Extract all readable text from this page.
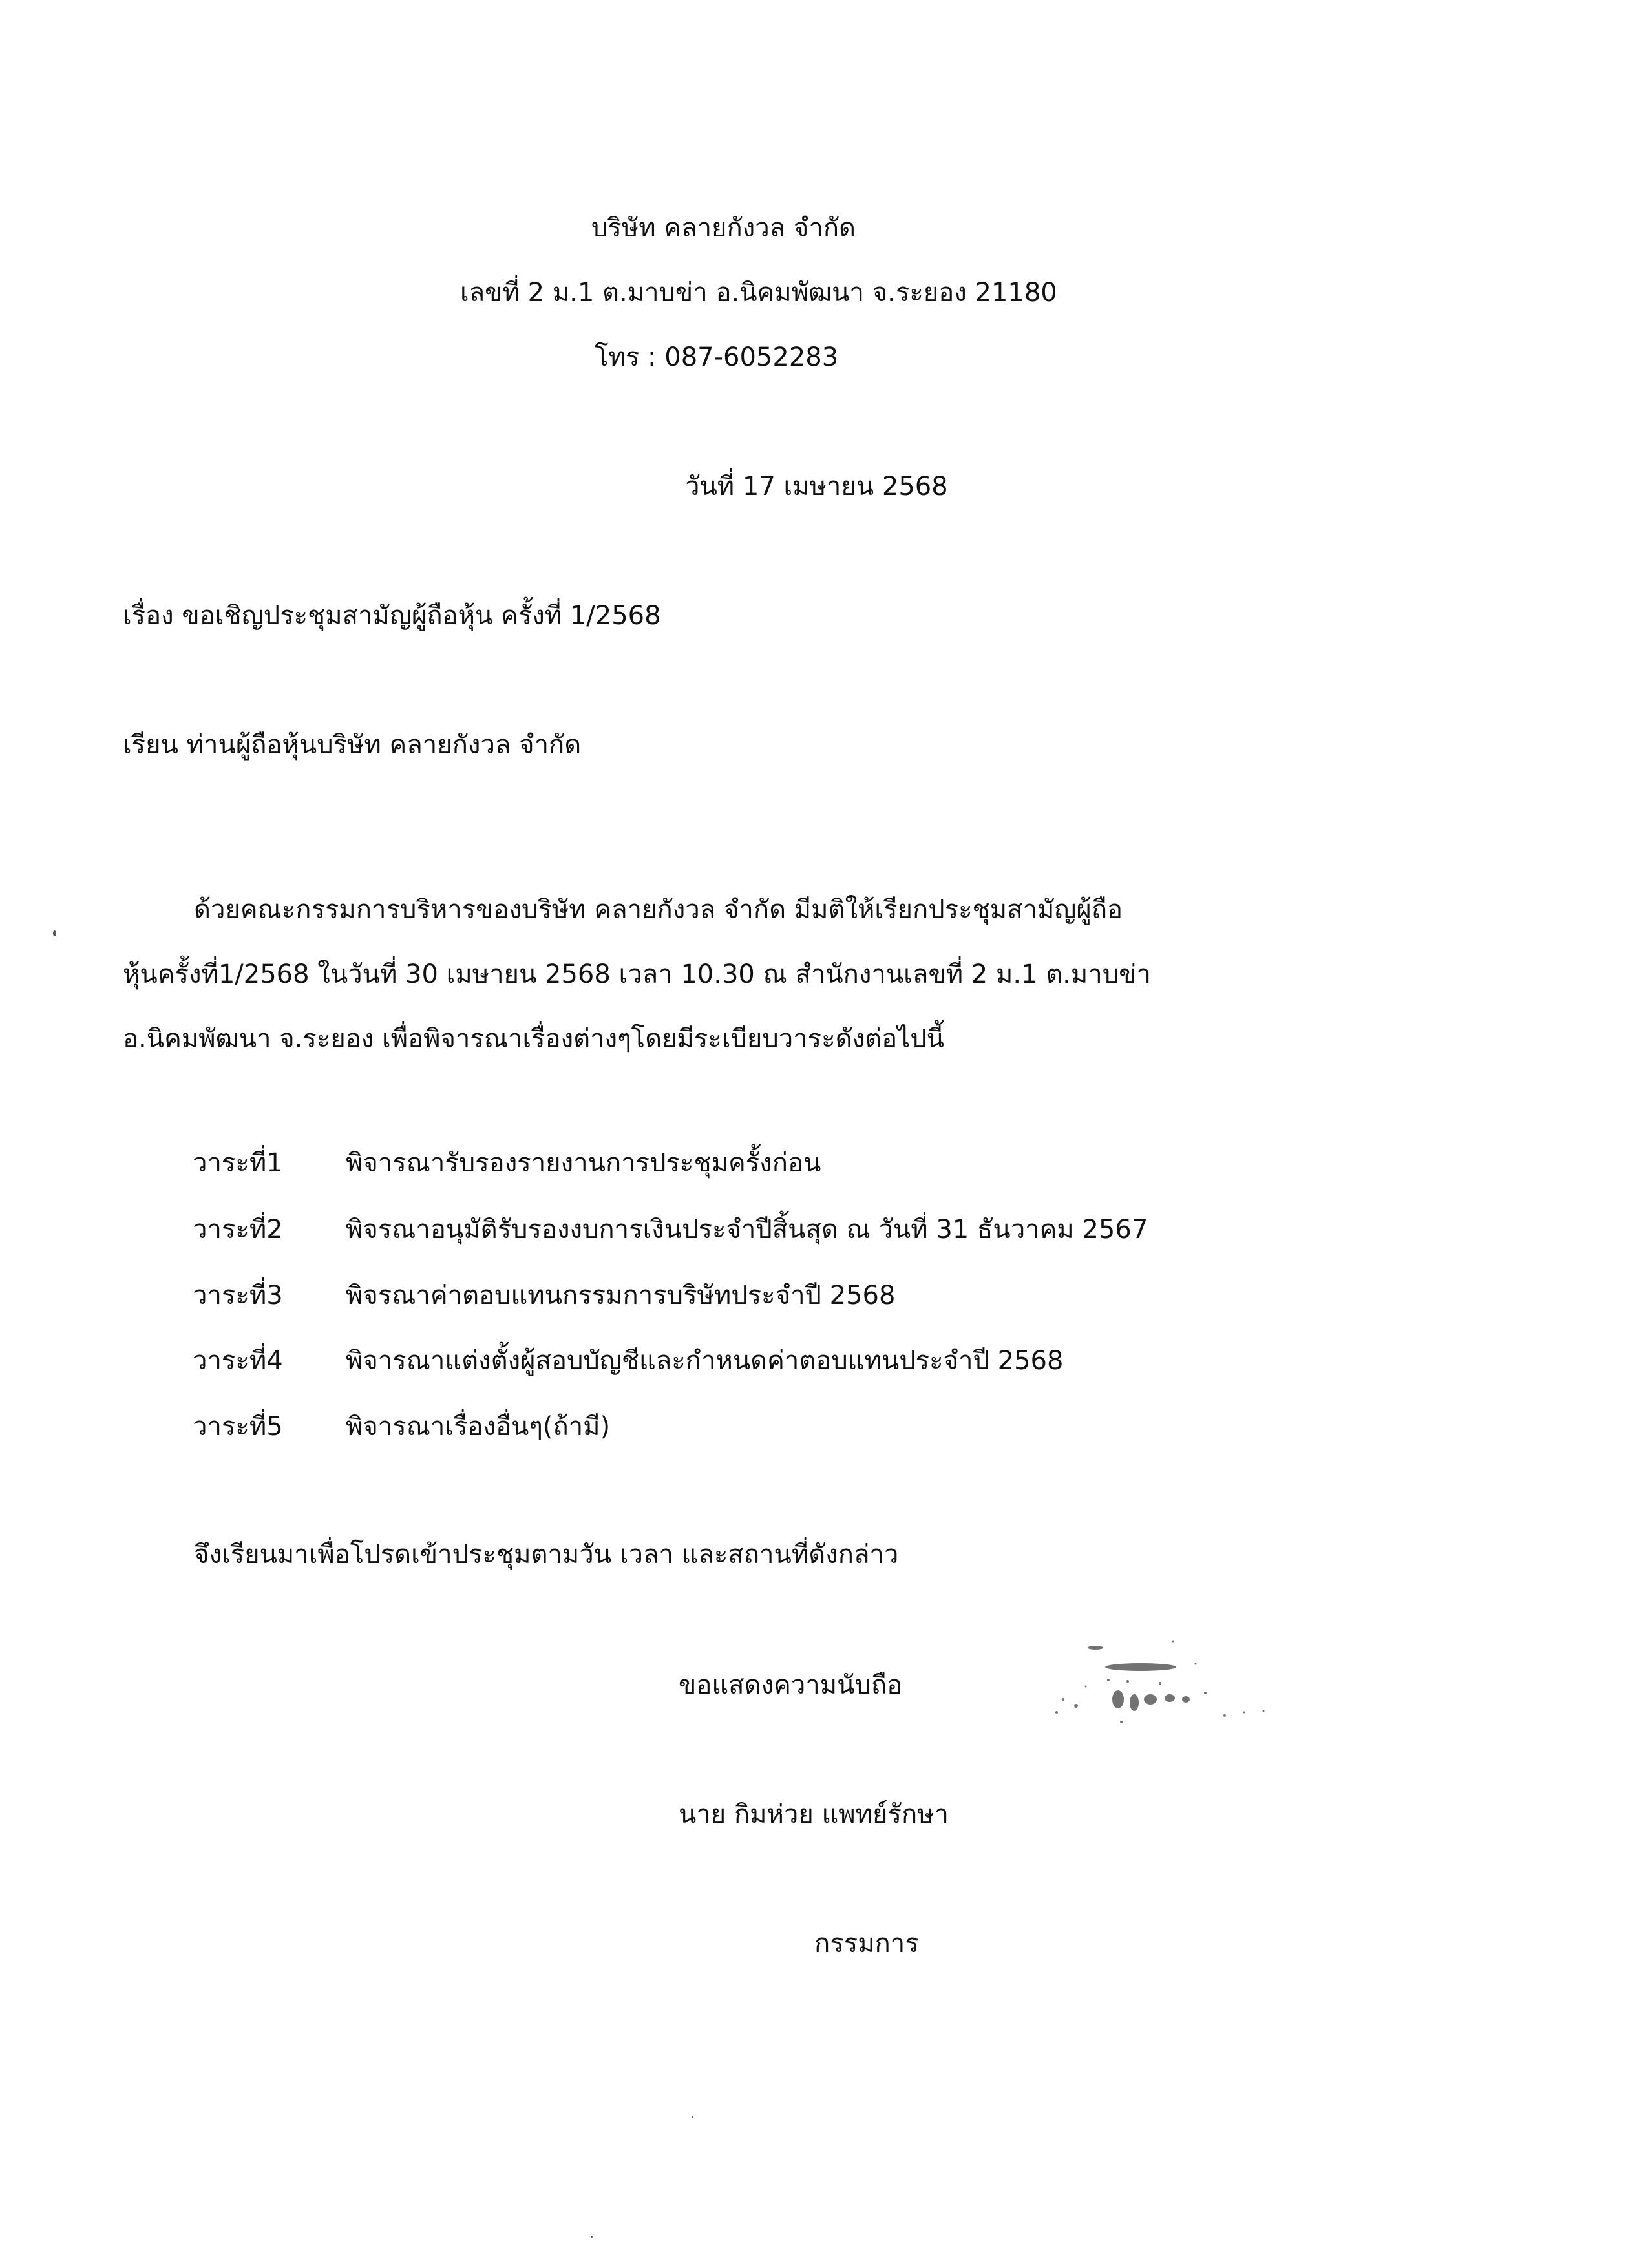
บริษัท คลายกังวล จำกัด
เลขที่ 2 ม.1 ต.มาบข่า อ.นิคมพัฒนา จ.ระยอง 21180
โทร : 087-6052283
วันที่ 17 เมษายน 2568
เรื่อง ขอเชิญประชุมสามัญผู้ถือหุ้น ครั้งที่ 1/2568
เรียน ท่านผู้ถือหุ้นบริษัท คลายกังวล จำกัด
ด้วยคณะกรรมการบริหารของบริษัท คลายกังวล จำกัด มีมติให้เรียกประชุมสามัญผู้ถือ
หุ้นครั้งที่1/2568 ในวันที่ 30 เมษายน 2568 เวลา 10.30 ณ สำนักงานเลขที่ 2 ม.1 ต.มาบข่า
อ.นิคมพัฒนา จ.ระยอง เพื่อพิจารณาเรื่องต่างๆโดยมีระเบียบวาระดังต่อไปนี้
วาระที่1 พิจารณารับรองรายงานการประชุมครั้งก่อน
วาระที่2 พิจรณาอนุมัติรับรองงบการเงินประจำปีสิ้นสุด ณ วันที่ 31 ธันวาคม 2567
วาระที่3 พิจรณาค่าตอบแทนกรรมการบริษัทประจำปี 2568
วาระที่4 พิจารณาแต่งตั้งผู้สอบบัญชีและกำหนดค่าตอบแทนประจำปี 2568
วาระที่5 พิจารณาเรื่องอื่นๆ(ถ้ามี)
จึงเรียนมาเพื่อโปรดเข้าประชุมตามวัน เวลา และสถานที่ดังกล่าว
ขอแสดงความนับถือ
นาย กิมห่วย แพทย์รักษา
กรรมการ
